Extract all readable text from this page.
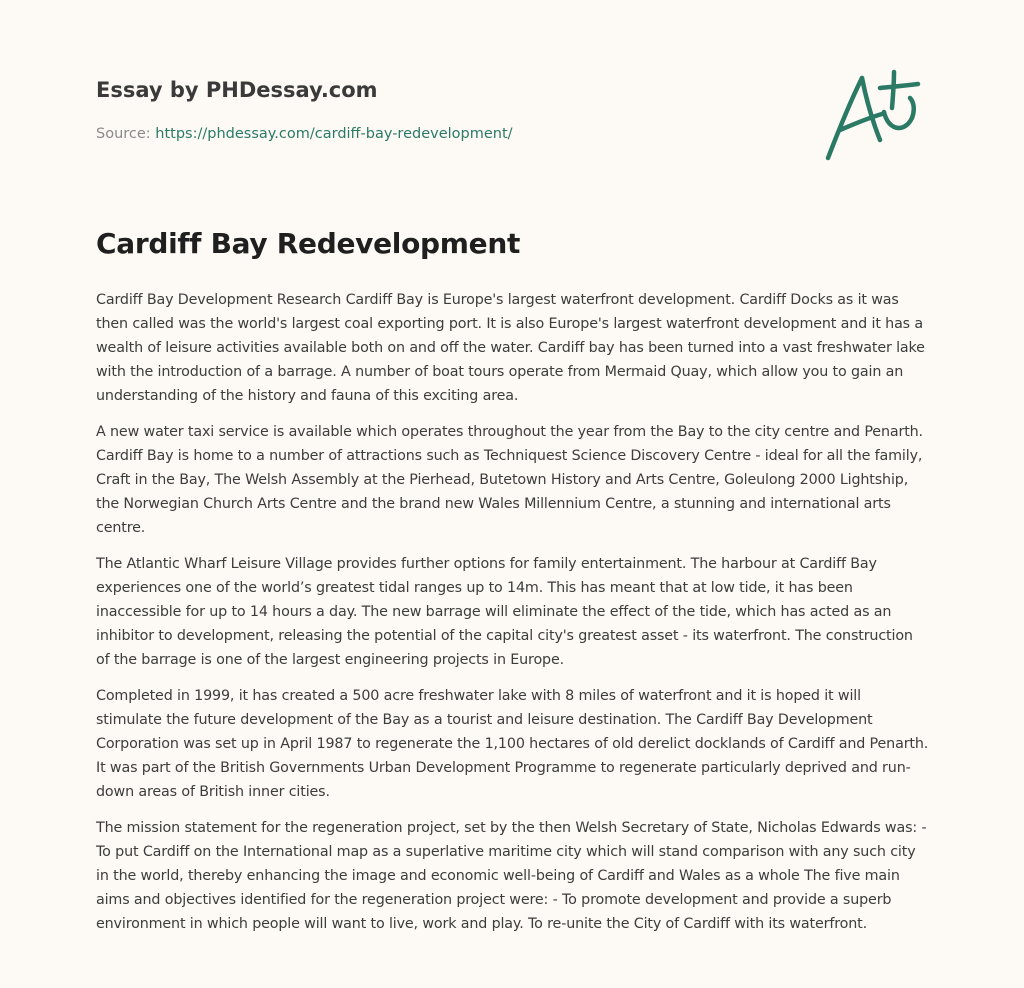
Essay by PHDessay.com
Source: https://phdessay.com/cardiff-bay-redevelopment/
Cardiff Bay Redevelopment

Cardiff Bay Development Research Cardiff Bay is Europe's largest waterfront development. Cardiff Docks as it was then called was the world's largest coal exporting port. It is also Europe's largest waterfront development and it has a wealth of leisure activities available both on and off the water. Cardiff bay has been turned into a vast freshwater lake with the introduction of a barrage. A number of boat tours operate from Mermaid Quay, which allow you to gain an understanding of the history and fauna of this exciting area.

A new water taxi service is available which operates throughout the year from the Bay to the city centre and Penarth. Cardiff Bay is home to a number of attractions such as Techniquest Science Discovery Centre - ideal for all the family, Craft in the Bay, The Welsh Assembly at the Pierhead, Butetown History and Arts Centre, Goleulong 2000 Lightship, the Norwegian Church Arts Centre and the brand new Wales Millennium Centre, a stunning and international arts centre.

The Atlantic Wharf Leisure Village provides further options for family entertainment. The harbour at Cardiff Bay experiences one of the world’s greatest tidal ranges up to 14m. This has meant that at low tide, it has been inaccessible for up to 14 hours a day. The new barrage will eliminate the effect of the tide, which has acted as an inhibitor to development, releasing the potential of the capital city's greatest asset - its waterfront. The construction of the barrage is one of the largest engineering projects in Europe.

Completed in 1999, it has created a 500 acre freshwater lake with 8 miles of waterfront and it is hoped it will stimulate the future development of the Bay as a tourist and leisure destination. The Cardiff Bay Development Corporation was set up in April 1987 to regenerate the 1,100 hectares of old derelict docklands of Cardiff and Penarth. It was part of the British Governments Urban Development Programme to regenerate particularly deprived and run-down areas of British inner cities.

The mission statement for the regeneration project, set by the then Welsh Secretary of State, Nicholas Edwards was: - To put Cardiff on the International map as a superlative maritime city which will stand comparison with any such city in the world, thereby enhancing the image and economic well-being of Cardiff and Wales as a whole The five main aims and objectives identified for the regeneration project were: - To promote development and provide a superb environment in which people will want to live, work and play. To re-unite the City of Cardiff with its waterfront.
